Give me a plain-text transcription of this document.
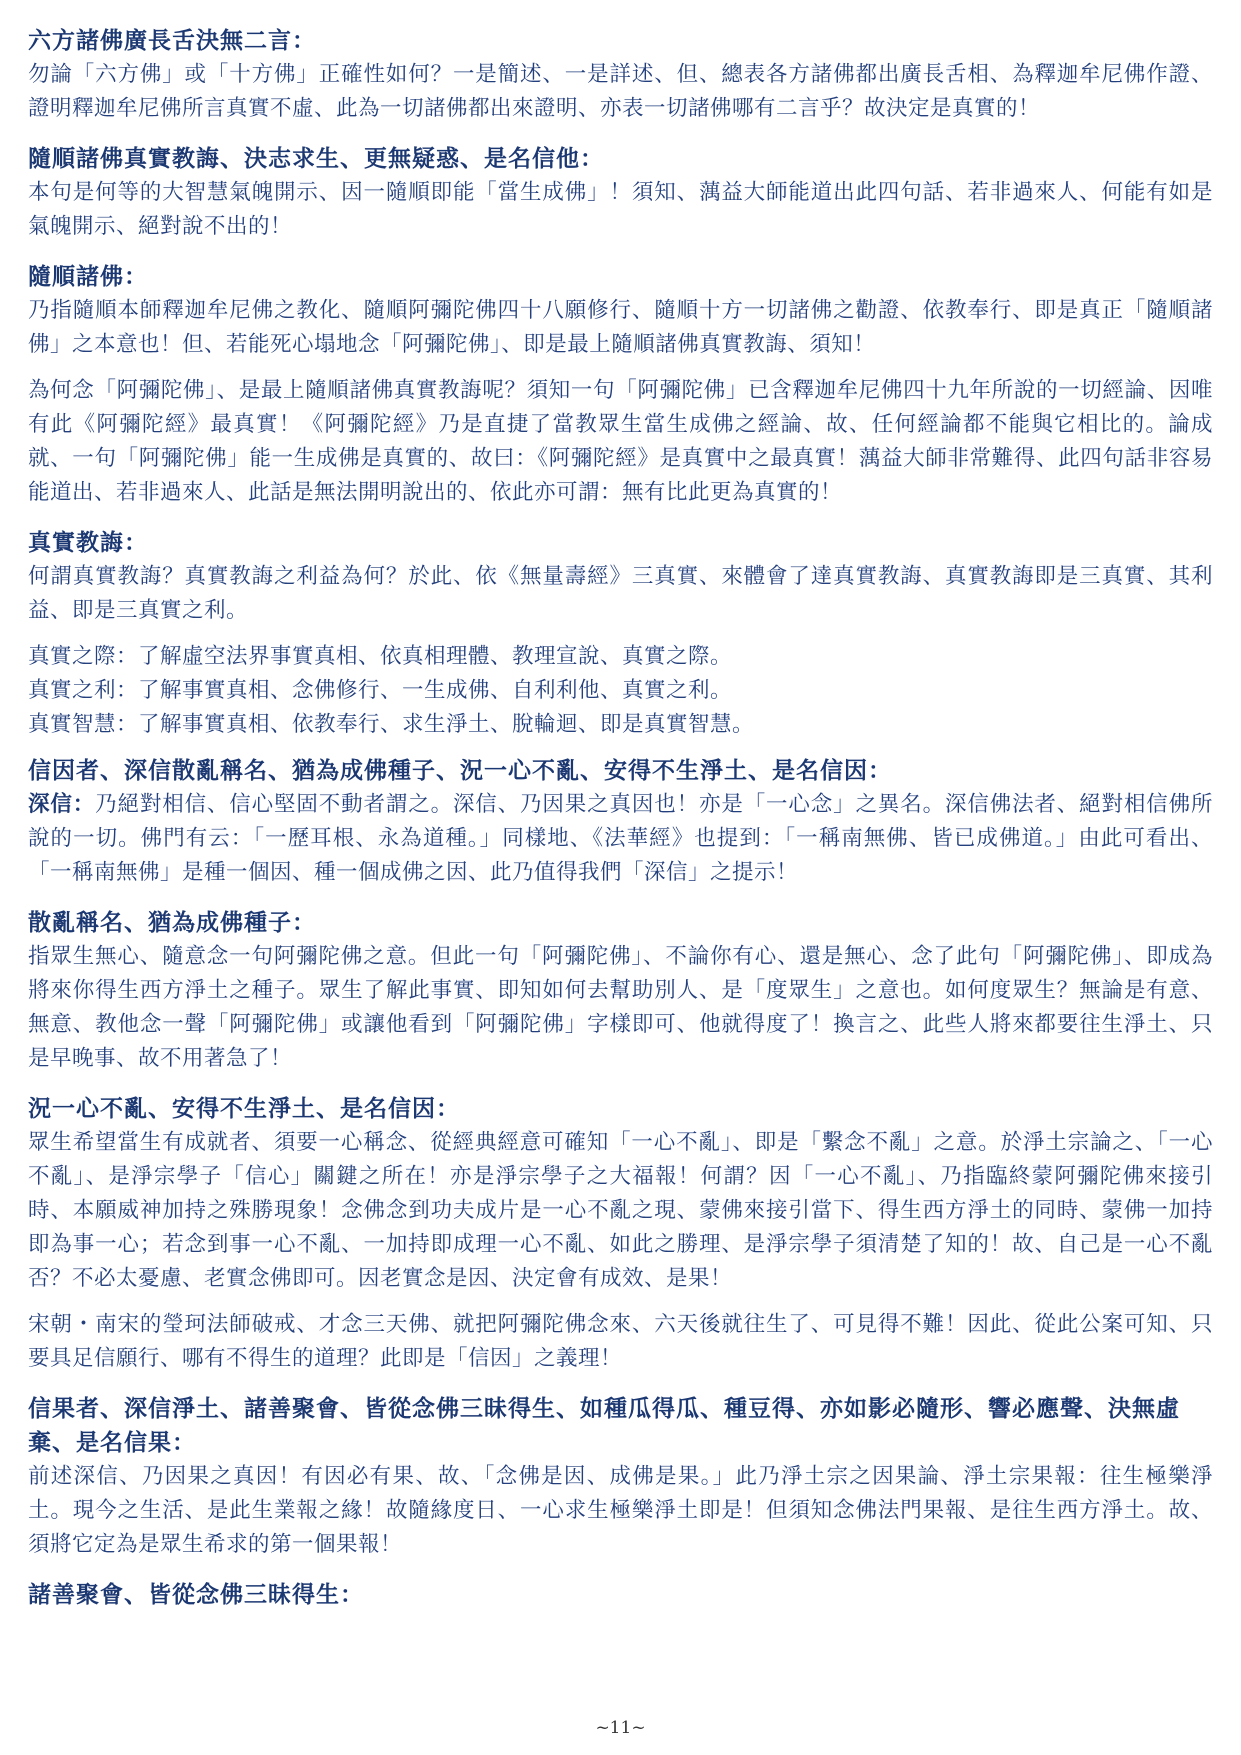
六方諸佛廣長舌決無二言：

勿論「六方佛」或「十方佛」正確性如何？一是簡述、一是詳述、但、總表各方諸佛都出廣長舌相、為釋迦牟尼佛作證、證明釋迦牟尼佛所言真實不虛、此為一切諸佛都出來證明、亦表一切諸佛哪有二言乎？故決定是真實的！

隨順諸佛真實教誨、決志求生、更無疑惑、是名信他：

本句是何等的大智慧氣魄開示、因一隨順即能「當生成佛」！須知、蕅益大師能道出此四句話、若非過來人、何能有如是氣魄開示、絕對說不出的！

隨順諸佛：

乃指隨順本師釋迦牟尼佛之教化、隨順阿彌陀佛四十八願修行、隨順十方一切諸佛之勸證、依教奉行、即是真正「隨順諸佛」之本意也！但、若能死心塌地念「阿彌陀佛」、即是最上隨順諸佛真實教誨、須知！

為何念「阿彌陀佛」、是最上隨順諸佛真實教誨呢？須知一句「阿彌陀佛」已含釋迦牟尼佛四十九年所說的一切經論、因唯有此《阿彌陀經》最真實！《阿彌陀經》乃是直捷了當教眾生當生成佛之經論、故、任何經論都不能與它相比的。論成就、一句「阿彌陀佛」能一生成佛是真實的、故曰：《阿彌陀經》是真實中之最真實！蕅益大師非常難得、此四句話非容易能道出、若非過來人、此話是無法開明說出的、依此亦可謂：無有比此更為真實的！

真實教誨：

何謂真實教誨？真實教誨之利益為何？於此、依《無量壽經》三真實、來體會了達真實教誨、真實教誨即是三真實、其利益、即是三真實之利。

真實之際：了解虛空法界事實真相、依真相理體、教理宣說、真實之際。

真實之利：了解事實真相、念佛修行、一生成佛、自利利他、真實之利。

真實智慧：了解事實真相、依教奉行、求生淨土、脫輪迴、即是真實智慧。

信因者、深信散亂稱名、猶為成佛種子、況一心不亂、安得不生淨土、是名信因：

深信：乃絕對相信、信心堅固不動者謂之。深信、乃因果之真因也！亦是「一心念」之異名。深信佛法者、絕對相信佛所說的一切。佛門有云：「一歷耳根、永為道種。」同樣地、《法華經》也提到：「一稱南無佛、皆已成佛道。」由此可看出、「一稱南無佛」是種一個因、種一個成佛之因、此乃值得我們「深信」之提示！

散亂稱名、猶為成佛種子：

指眾生無心、隨意念一句阿彌陀佛之意。但此一句「阿彌陀佛」、不論你有心、還是無心、念了此句「阿彌陀佛」、即成為將來你得生西方淨土之種子。眾生了解此事實、即知如何去幫助別人、是「度眾生」之意也。如何度眾生？無論是有意、無意、教他念一聲「阿彌陀佛」或讓他看到「阿彌陀佛」字樣即可、他就得度了！換言之、此些人將來都要往生淨土、只是早晚事、故不用著急了！

況一心不亂、安得不生淨土、是名信因：

眾生希望當生有成就者、須要一心稱念、從經典經意可確知「一心不亂」、即是「繫念不亂」之意。於淨土宗論之、「一心不亂」、是淨宗學子「信心」關鍵之所在！亦是淨宗學子之大福報！何謂？因「一心不亂」、乃指臨終蒙阿彌陀佛來接引時、本願威神加持之殊勝現象！念佛念到功夫成片是一心不亂之現、蒙佛來接引當下、得生西方淨土的同時、蒙佛一加持即為事一心；若念到事一心不亂、一加持即成理一心不亂、如此之勝理、是淨宗學子須清楚了知的！故、自己是一心不亂否？不必太憂慮、老實念佛即可。因老實念是因、決定會有成效、是果！

宋朝・南宋的瑩珂法師破戒、才念三天佛、就把阿彌陀佛念來、六天後就往生了、可見得不難！因此、從此公案可知、只要具足信願行、哪有不得生的道理？此即是「信因」之義理！

信果者、深信淨土、諸善聚會、皆從念佛三昧得生、如種瓜得瓜、種豆得、亦如影必隨形、響必應聲、決無虛棄、是名信果：

前述深信、乃因果之真因！有因必有果、故、「念佛是因、成佛是果。」此乃淨土宗之因果論、淨土宗果報：往生極樂淨土。現今之生活、是此生業報之緣！故隨緣度日、一心求生極樂淨土即是！但須知念佛法門果報、是往生西方淨土。故、須將它定為是眾生希求的第一個果報！

諸善聚會、皆從念佛三昧得生：
~11~
